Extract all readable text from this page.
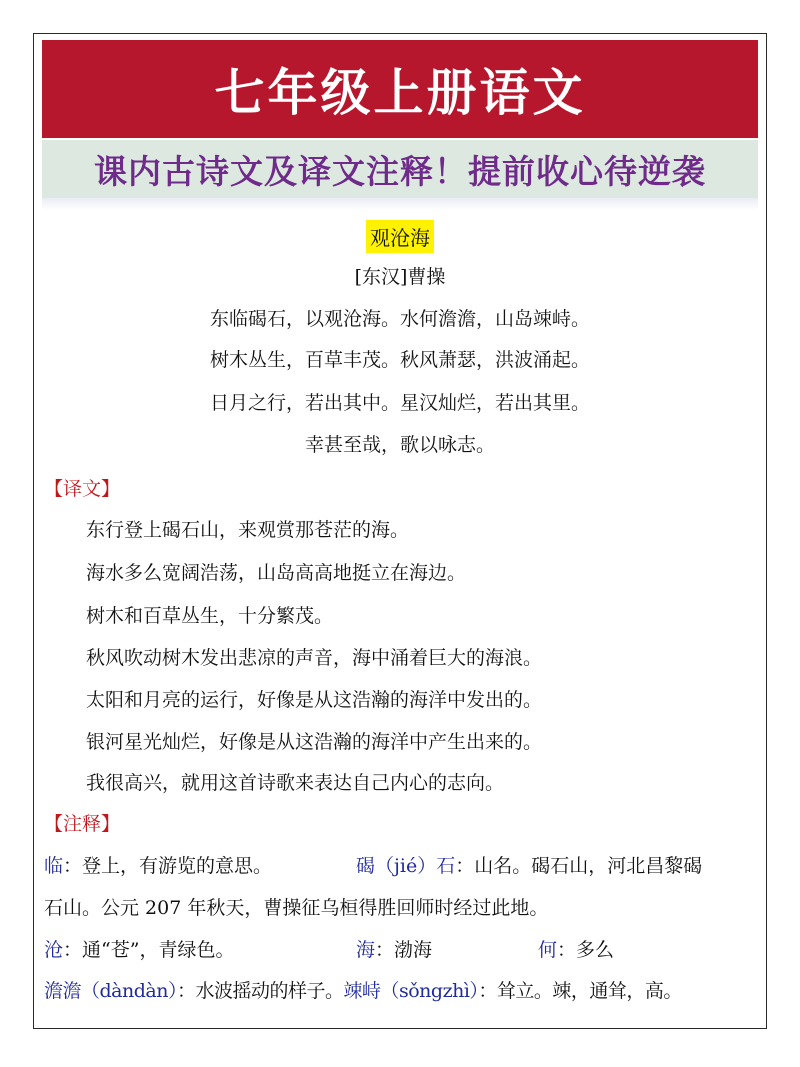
七年级上册语文
课内古诗文及译文注释！提前收心待逆袭
观沧海
[东汉]曹操
东临碣石，以观沧海。水何澹澹，山岛竦峙。
树木丛生，百草丰茂。秋风萧瑟，洪波涌起。
日月之行，若出其中。星汉灿烂，若出其里。
幸甚至哉，歌以咏志。
【译文】
东行登上碣石山，来观赏那苍茫的海。
海水多么宽阔浩荡，山岛高高地挺立在海边。
树木和百草丛生，十分繁茂。
秋风吹动树木发出悲凉的声音，海中涌着巨大的海浪。
太阳和月亮的运行，好像是从这浩瀚的海洋中发出的。
银河星光灿烂，好像是从这浩瀚的海洋中产生出来的。
我很高兴，就用这首诗歌来表达自己内心的志向。
【注释】
临：登上，有游览的意思。	碣（jié）石：山名。碣石山，河北昌黎碣
石山。公元 207 年秋天，曹操征乌桓得胜回师时经过此地。
沧：通“苍”，青绿色。	海：渤海	何：多么
澹澹（dàndàn）：水波摇动的样子。竦峙（sǒngzhì）：耸立。竦，通耸，高。
